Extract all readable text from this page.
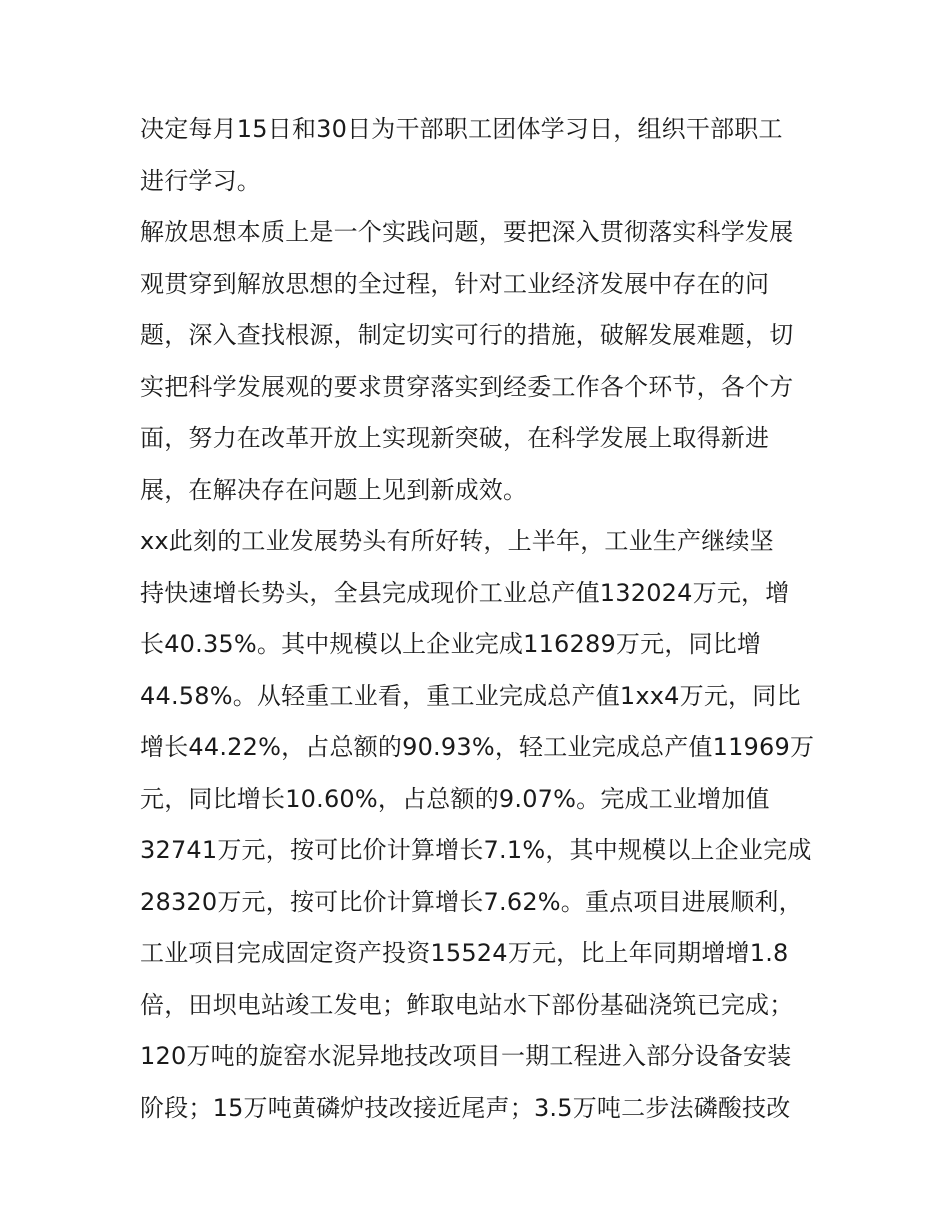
决定每月15日和30日为干部职工团体学习日，组织干部职工
进行学习。
解放思想本质上是一个实践问题，要把深入贯彻落实科学发展
观贯穿到解放思想的全过程，针对工业经济发展中存在的问
题，深入查找根源，制定切实可行的措施，破解发展难题，切
实把科学发展观的要求贯穿落实到经委工作各个环节，各个方
面，努力在改革开放上实现新突破，在科学发展上取得新进
展，在解决存在问题上见到新成效。
xx此刻的工业发展势头有所好转，上半年，工业生产继续坚
持快速增长势头，全县完成现价工业总产值132024万元，增
长40.35%。其中规模以上企业完成116289万元，同比增
44.58%。从轻重工业看，重工业完成总产值1xx4万元，同比
增长44.22%，占总额的90.93%，轻工业完成总产值11969万
元，同比增长10.60%，占总额的9.07%。完成工业增加值
32741万元，按可比价计算增长7.1%，其中规模以上企业完成
28320万元，按可比价计算增长7.62%。重点项目进展顺利，
工业项目完成固定资产投资15524万元，比上年同期增增1.8
倍，田坝电站竣工发电；鲊取电站水下部份基础浇筑已完成；
120万吨的旋窑水泥异地技改项目一期工程进入部分设备安装
阶段；15万吨黄磷炉技改接近尾声；3.5万吨二步法磷酸技改
